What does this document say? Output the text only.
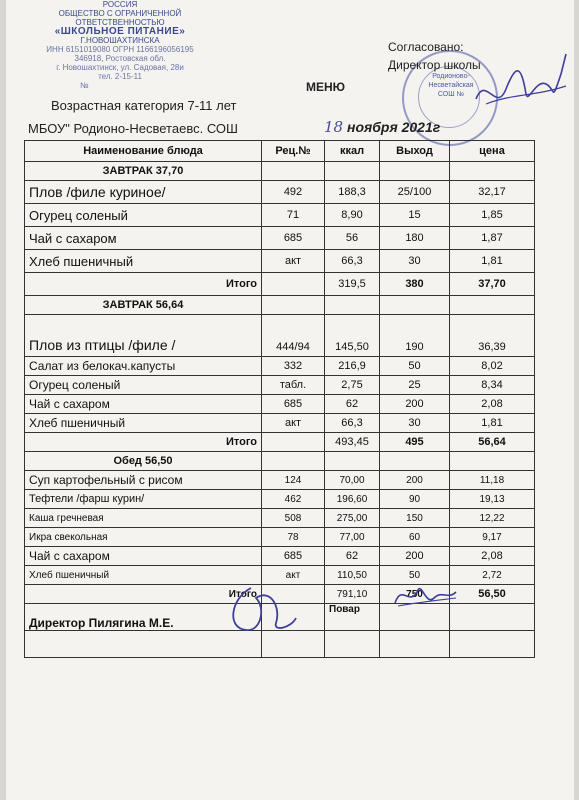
РОССИЯ
ОБЩЕСТВО С ОГРАНИЧЕННОЙ
ОТВЕТСТВЕННОСТЬЮ
«ШКОЛЬНОЕ ПИТАНИЕ»
Г.НОВОШАХТИНСКА
ИНН 6151019080 ОГРН 1166196056195
346918, Ростовская обл.
г. Новошахтинск, ул. Садовая, 28и
тел. 2-15-11
№
Родионово-Несветайская СОШ №
Согласовано:
Директор школы
МЕНЮ
Возрастная категория 7-11 лет
МБОУ" Родионо-Несветаевс. СОШ	18 ноября 2021г
Наименование блюда	Рец.№	ккал	Выход	цена
ЗАВТРАК 37,70				
Плов /филе куриное/	492	188,3	25/100	32,17
Огурец соленый	71	8,90	15	1,85
Чай с сахаром	685	56	180	1,87
Хлеб пшеничный	акт	66,3	30	1,81
Итого		319,5	380	37,70
ЗАВТРАК 56,64				
Плов из птицы /филе /	444/94	145,50	190	36,39
Салат из белокач.капусты	332	216,9	50	8,02
Огурец соленый	табл.	2,75	25	8,34
Чай с сахаром	685	62	200	2,08
Хлеб пшеничный	акт	66,3	30	1,81
Итого		493,45	495	56,64
Обед 56,50				
Суп картофельный с рисом	124	70,00	200	11,18
Тефтели /фарш курин/	462	196,60	90	19,13
Каша гречневая	508	275,00	150	12,22
Икра свекольная	78	77,00	60	9,17
Чай с сахаром	685	62	200	2,08
Хлеб пшеничный	акт	110,50	50	2,72
Итого		791,10	750	56,50
Директор Пилягина М.Е.		Повар		
